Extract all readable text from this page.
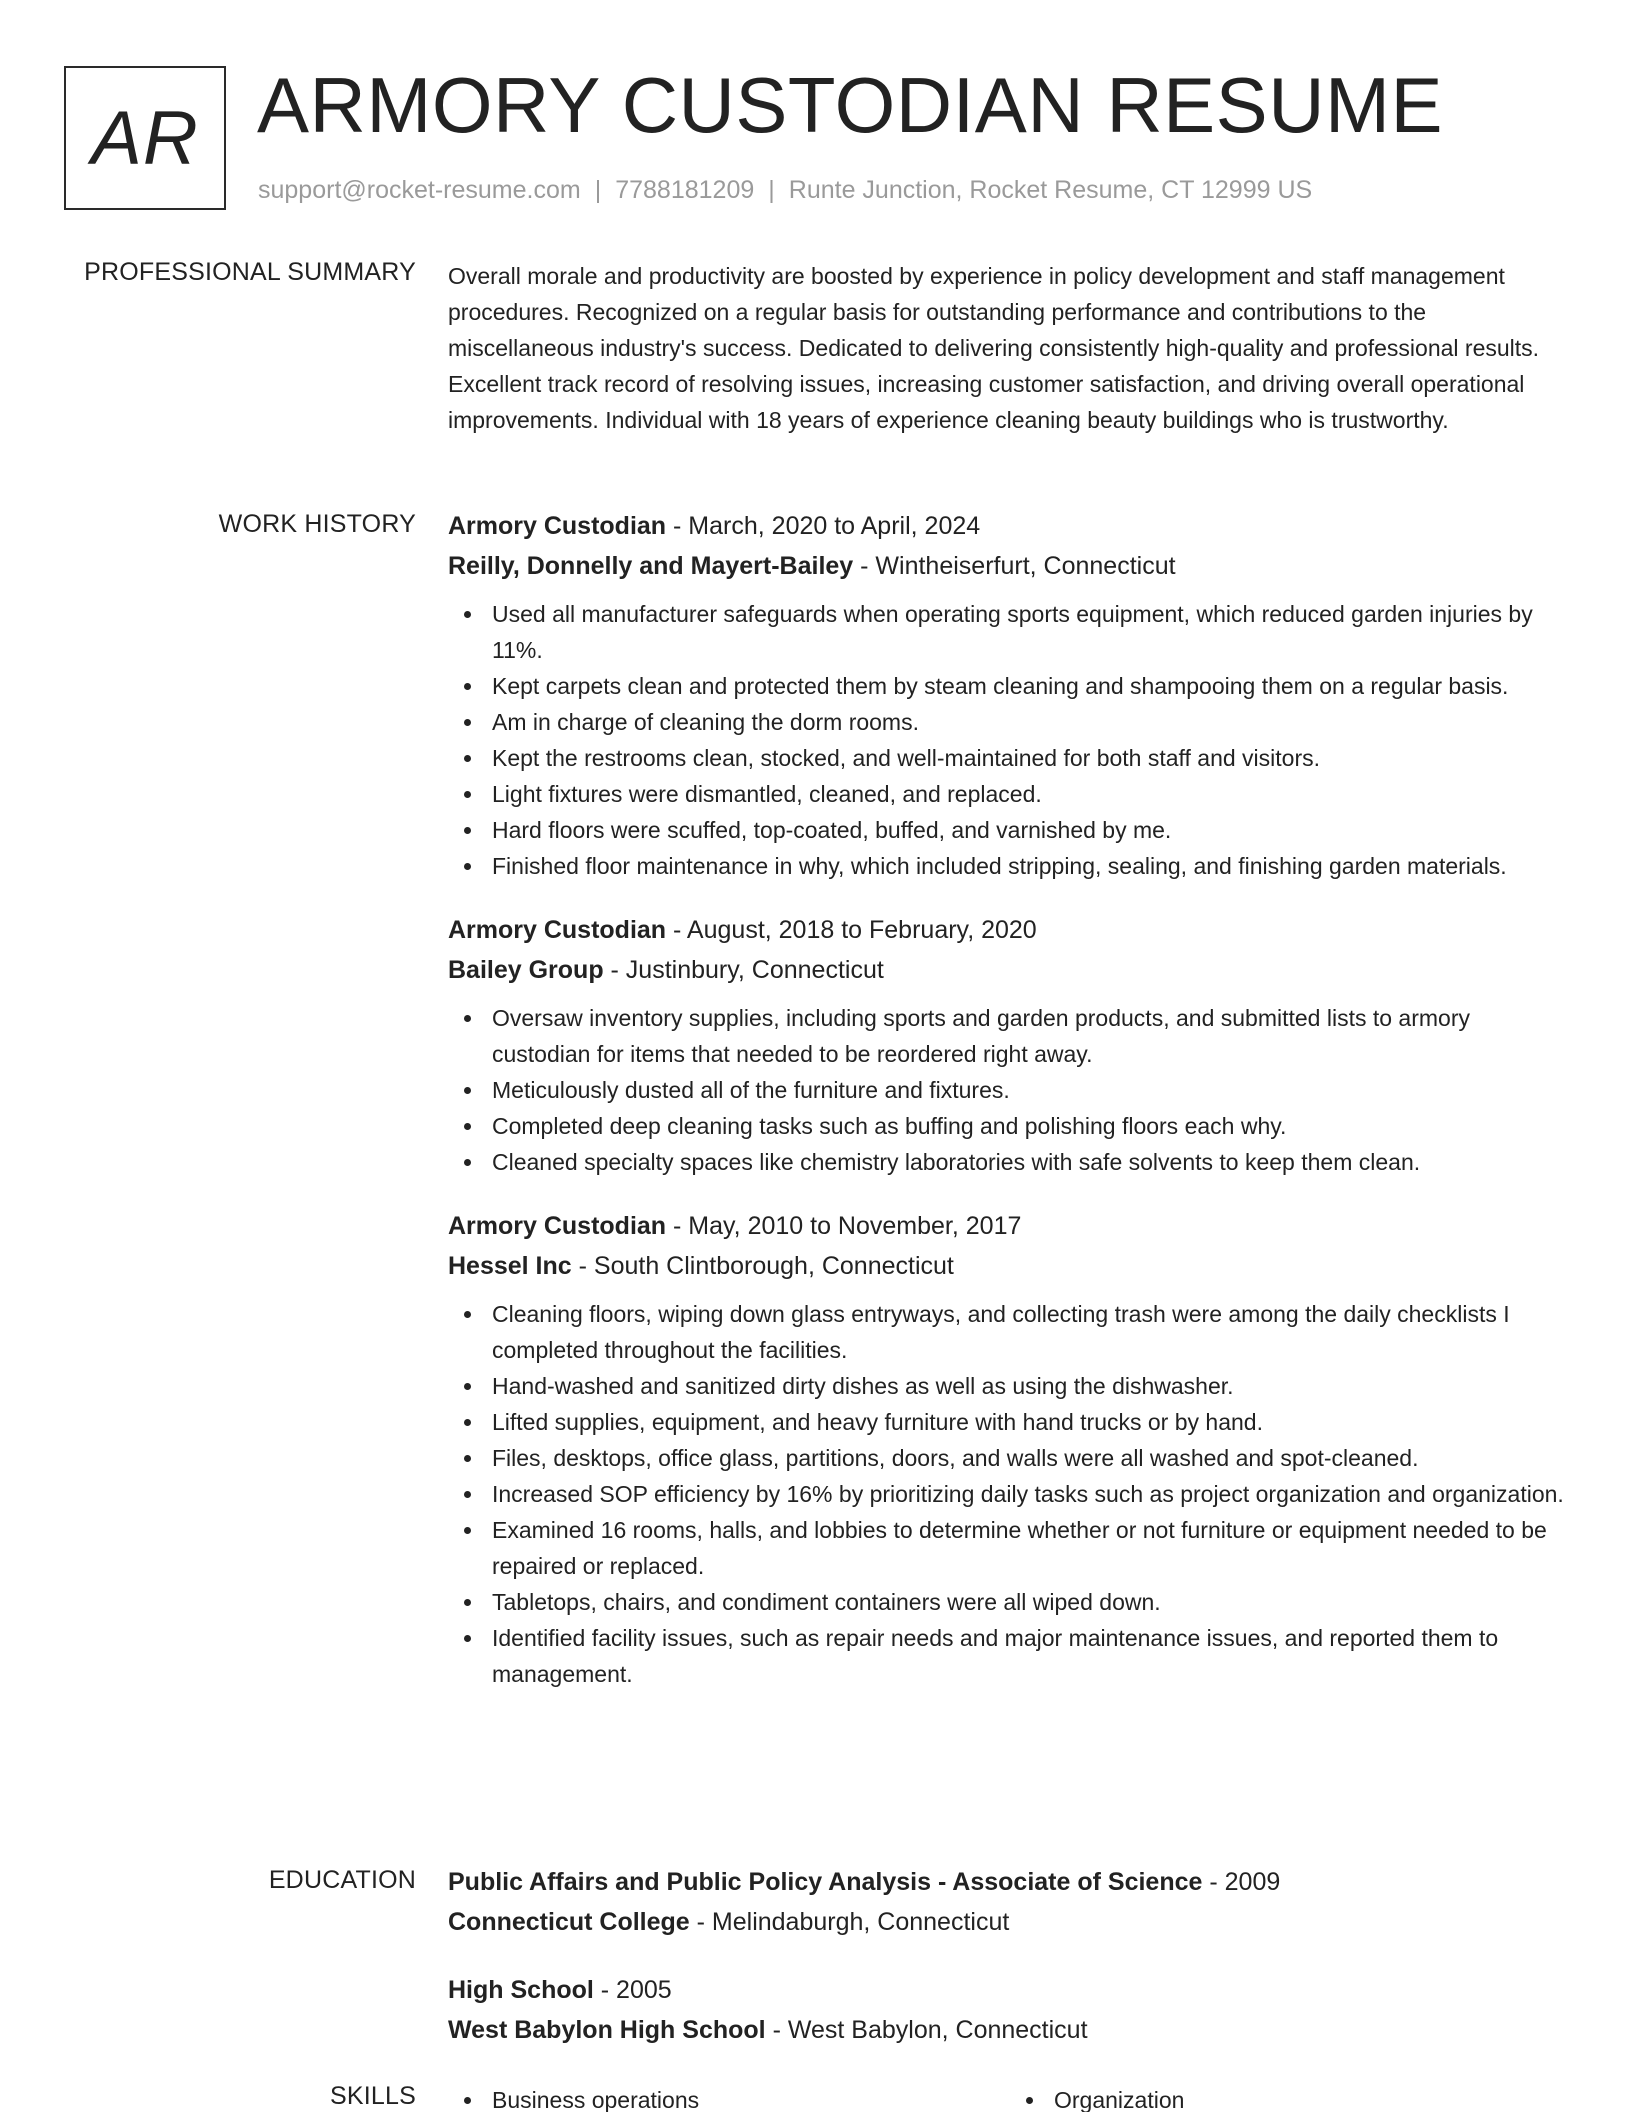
AR ARMORY CUSTODIAN RESUME
support@rocket-resume.com | 7788181209 | Runte Junction, Rocket Resume, CT 12999 US
PROFESSIONAL SUMMARY Overall morale and productivity are boosted by experience in policy development and staff management procedures. Recognized on a regular basis for outstanding performance and contributions to the miscellaneous industry's success. Dedicated to delivering consistently high-quality and professional results. Excellent track record of resolving issues, increasing customer satisfaction, and driving overall operational improvements. Individual with 18 years of experience cleaning beauty buildings who is trustworthy.
WORK HISTORY Armory Custodian - March, 2020 to April, 2024
Reilly, Donnelly and Mayert-Bailey - Wintheiserfurt, Connecticut
Used all manufacturer safeguards when operating sports equipment, which reduced garden injuries by 11%.
Kept carpets clean and protected them by steam cleaning and shampooing them on a regular basis.
Am in charge of cleaning the dorm rooms.
Kept the restrooms clean, stocked, and well-maintained for both staff and visitors.
Light fixtures were dismantled, cleaned, and replaced.
Hard floors were scuffed, top-coated, buffed, and varnished by me.
Finished floor maintenance in why, which included stripping, sealing, and finishing garden materials.
Armory Custodian - August, 2018 to February, 2020
Bailey Group - Justinbury, Connecticut
Oversaw inventory supplies, including sports and garden products, and submitted lists to armory custodian for items that needed to be reordered right away.
Meticulously dusted all of the furniture and fixtures.
Completed deep cleaning tasks such as buffing and polishing floors each why.
Cleaned specialty spaces like chemistry laboratories with safe solvents to keep them clean.
Armory Custodian - May, 2010 to November, 2017
Hessel Inc - South Clintborough, Connecticut
Cleaning floors, wiping down glass entryways, and collecting trash were among the daily checklists I completed throughout the facilities.
Hand-washed and sanitized dirty dishes as well as using the dishwasher.
Lifted supplies, equipment, and heavy furniture with hand trucks or by hand.
Files, desktops, office glass, partitions, doors, and walls were all washed and spot-cleaned.
Increased SOP efficiency by 16% by prioritizing daily tasks such as project organization and organization.
Examined 16 rooms, halls, and lobbies to determine whether or not furniture or equipment needed to be repaired or replaced.
Tabletops, chairs, and condiment containers were all wiped down.
Identified facility issues, such as repair needs and major maintenance issues, and reported them to management.
EDUCATION Public Affairs and Public Policy Analysis - Associate of Science - 2009
Connecticut College - Melindaburgh, Connecticut
High School - 2005
West Babylon High School - West Babylon, Connecticut
SKILLS	Business operations	Organization
